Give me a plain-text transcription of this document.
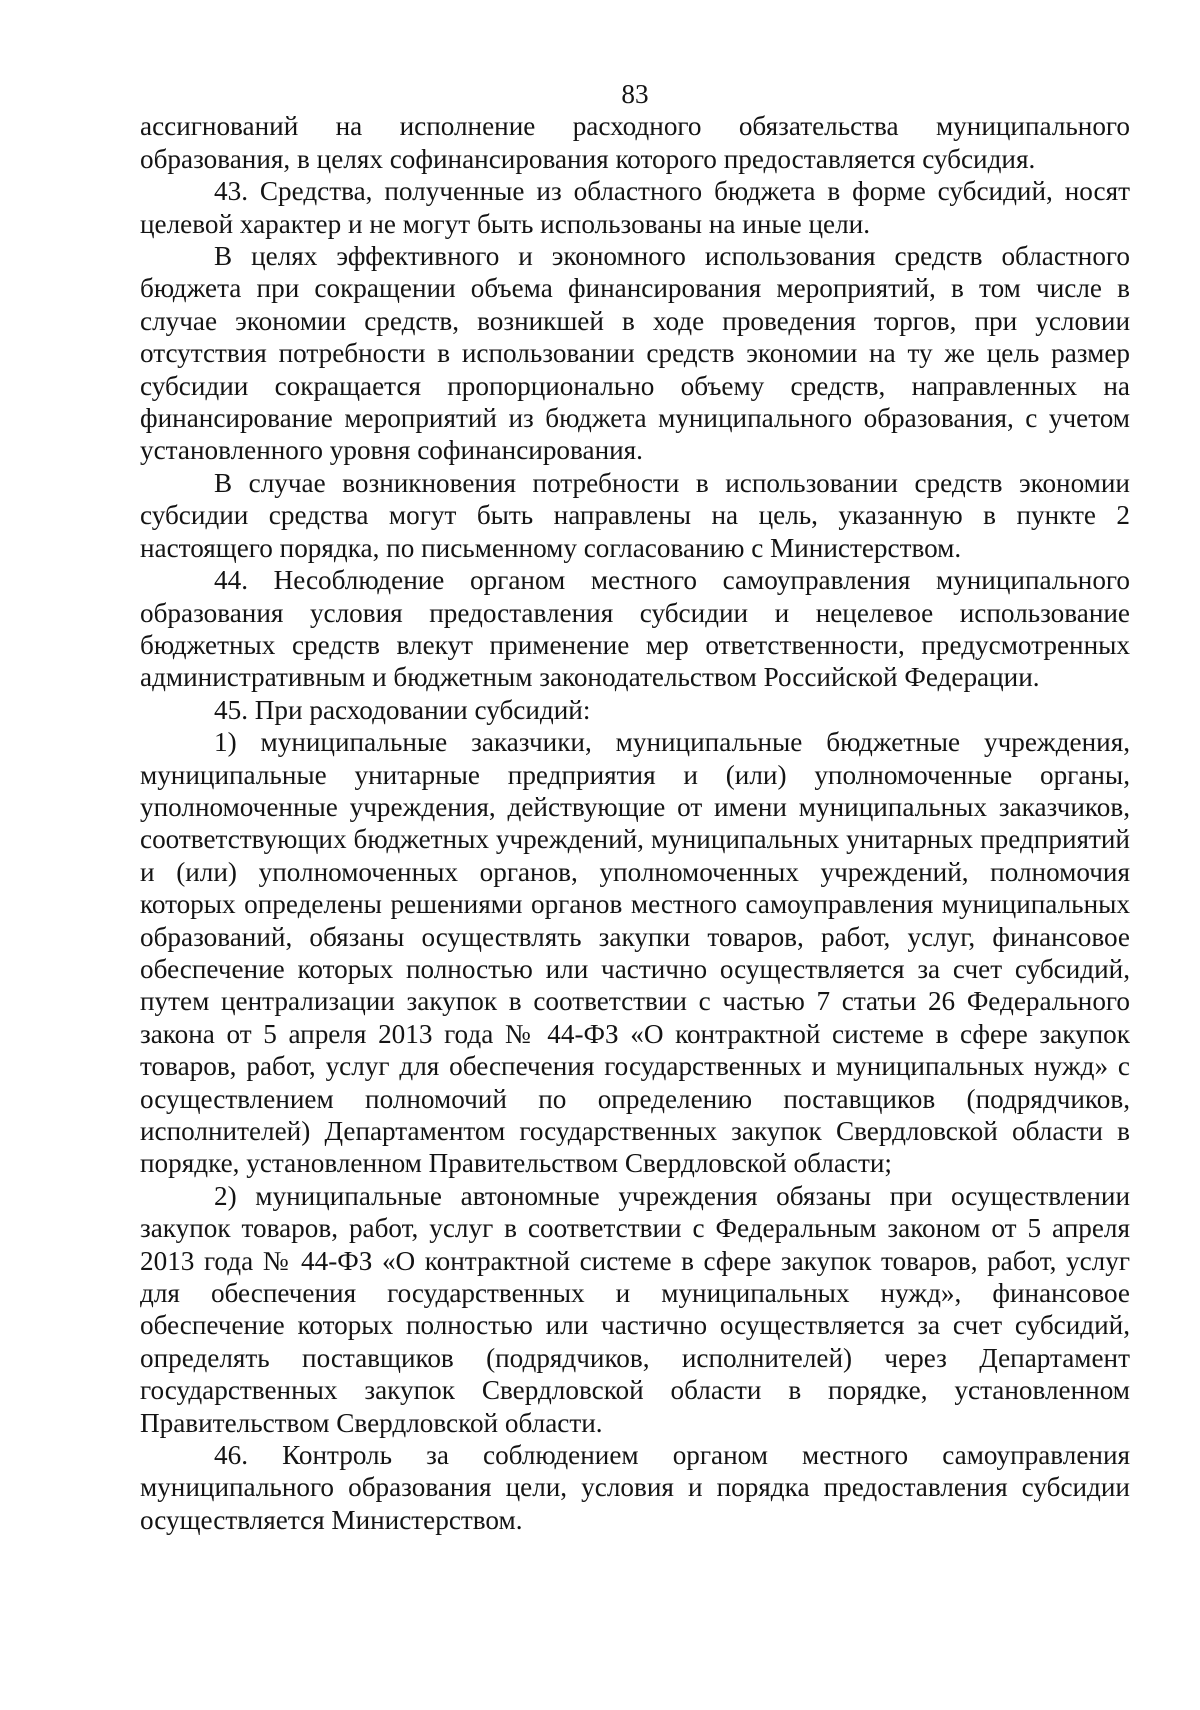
83

ассигнований на исполнение расходного обязательства муниципального образования, в целях софинансирования которого предоставляется субсидия.

43. Средства, полученные из областного бюджета в форме субсидий, носят целевой характер и не могут быть использованы на иные цели.

В целях эффективного и экономного использования средств областного бюджета при сокращении объема финансирования мероприятий, в том числе в случае экономии средств, возникшей в ходе проведения торгов, при условии отсутствия потребности в использовании средств экономии на ту же цель размер субсидии сокращается пропорционально объему средств, направленных на финансирование мероприятий из бюджета муниципального образования, с учетом установленного уровня софинансирования.

В случае возникновения потребности в использовании средств экономии субсидии средства могут быть направлены на цель, указанную в пункте 2 настоящего порядка, по письменному согласованию с Министерством.

44. Несоблюдение органом местного самоуправления муниципального образования условия предоставления субсидии и нецелевое использование бюджетных средств влекут применение мер ответственности, предусмотренных административным и бюджетным законодательством Российской Федерации.

45. При расходовании субсидий:

1) муниципальные заказчики, муниципальные бюджетные учреждения, муниципальные унитарные предприятия и (или) уполномоченные органы, уполномоченные учреждения, действующие от имени муниципальных заказчиков, соответствующих бюджетных учреждений, муниципальных унитарных предприятий и (или) уполномоченных органов, уполномоченных учреждений, полномочия которых определены решениями органов местного самоуправления муниципальных образований, обязаны осуществлять закупки товаров, работ, услуг, финансовое обеспечение которых полностью или частично осуществляется за счет субсидий, путем централизации закупок в соответствии с частью 7 статьи 26 Федерального закона от 5 апреля 2013 года № 44-ФЗ «О контрактной системе в сфере закупок товаров, работ, услуг для обеспечения государственных и муниципальных нужд» с осуществлением полномочий по определению поставщиков (подрядчиков, исполнителей) Департаментом государственных закупок Свердловской области в порядке, установленном Правительством Свердловской области;

2) муниципальные автономные учреждения обязаны при осуществлении закупок товаров, работ, услуг в соответствии с Федеральным законом от 5 апреля 2013 года № 44-ФЗ «О контрактной системе в сфере закупок товаров, работ, услуг для обеспечения государственных и муниципальных нужд», финансовое обеспечение которых полностью или частично осуществляется за счет субсидий, определять поставщиков (подрядчиков, исполнителей) через Департамент государственных закупок Свердловской области в порядке, установленном Правительством Свердловской области.

46. Контроль за соблюдением органом местного самоуправления муниципального образования цели, условия и порядка предоставления субсидии осуществляется Министерством.
